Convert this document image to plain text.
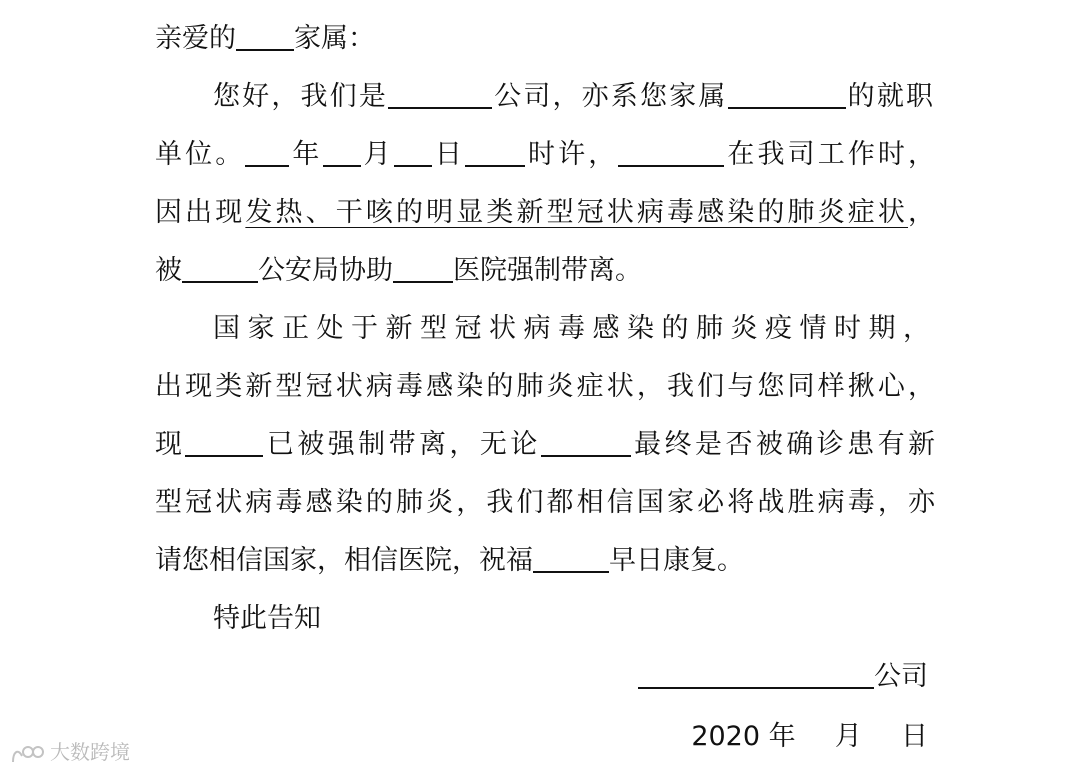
亲爱的 家属：
您好，我们是	公司，亦系您家属	的就职
单位。 年 月 日 时许，	在我司工作时，
因出现发热、干咳的明显类新型冠状病毒感染的肺炎症状，
被	公安局协助 医院强制带离。
国家正处于新型冠状病毒感染的肺炎疫情时期，
出现类新型冠状病毒感染的肺炎症状，我们与您同样揪心，
现	已被强制带离，无论	最终是否被确诊患有新
型冠状病毒感染的肺炎，我们都相信国家必将战胜病毒，亦
请您相信国家，相信医院，祝福	早日康复。
特此告知
公司
2020 年 月 日
大数跨境
